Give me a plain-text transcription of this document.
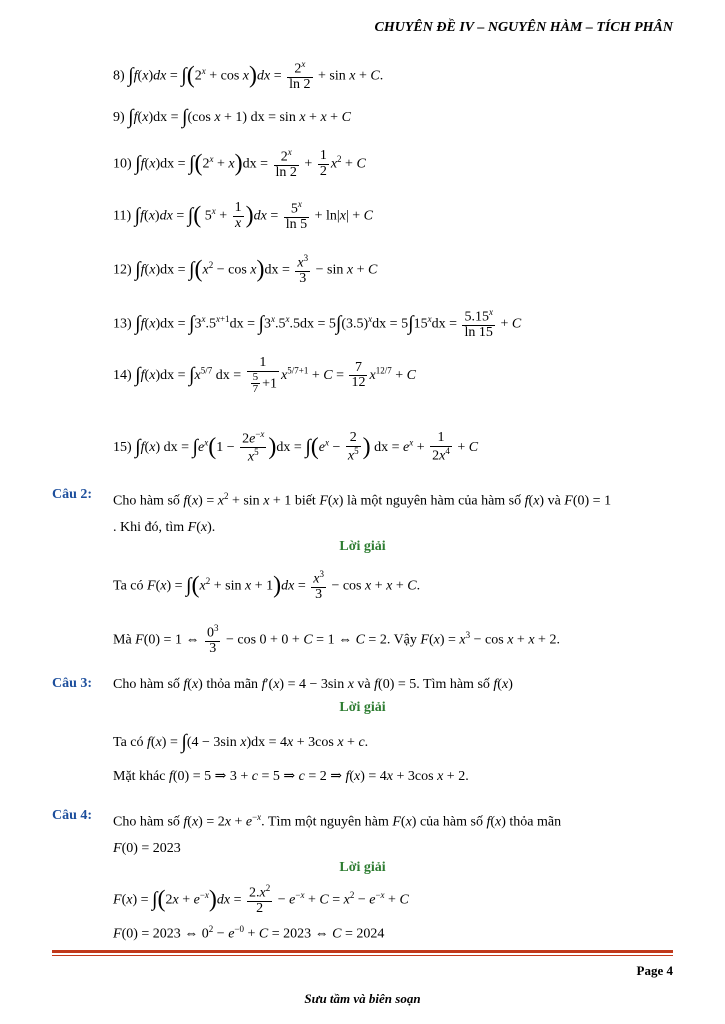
CHUYÊN ĐỀ IV – NGUYÊN HÀM – TÍCH PHÂN
8) $\int f(x)dx = \int(2^x + \cos x)dx = \frac{2^x}{\ln 2} + \sin x + C$.
9) ∫f(x)dx = ∫(cos x + 1) dx = sin x + x + C
10) $\int f(x)dx = \int(2^x + x)dx = \frac{2^x}{\ln 2} + \frac{1}{2} x^2 + C$
11) ∫f(x)dx = ∫( $5^x + \frac{1}{x} )dx = \frac{5^x}{\ln 5} + \ln|x| + C$
12) $\int f(x)dx = \int(x^2 - \cos x)dx = \frac{x^3}{3} - \sin x + C$
13) $\int f(x)dx = \int 3^x.5^{x+1}dx = \int 3^x.5^x.5dx = 5\int(3.5)^xdx = 5\int 15^xdx = \frac{5.15^x}{\ln 15} + C$
14) $\int f(x)dx = \int x^{5/7}$ dx = $\frac{1}{\frac{5}{7} +1} x^{5/7+1} + C = \frac{7}{12} x^{12/7} + C$
15) ∫f(x) dx = $\int e^x(1 - \frac{2e^{-x}}{x^5} )dx = \int(e^x - \frac{2}{x^5}$ ) dx = $e^x + \frac{1}{2x^4} + C$
Câu 2: Cho hàm số $f(x) = x^2 + \sin x + 1$ biết F(x) là một nguyên hàm của hàm số f(x) và F(0) = 1
. Khi đó, tìm F(x).
Lời giải
Ta có $F(x) = \int(x^2 + \sin x + 1)dx = \frac{x^3}{3} - \cos x + x + C$.
Mà F(0) = 1 ⇔ $\frac{0^3}{3} - \cos 0 + 0 + C = 1$ ⇔ C = 2. Vậy $F(x) = x^3 - \cos x + x + 2$.
Câu 3: Cho hàm số f(x) thỏa mãn f′(x) = 4 − 3sin x và f(0) = 5. Tìm hàm số f(x)
Lời giải
Ta có f(x) = ∫(4 − 3sin x)dx = 4x + 3cos x + c.
Mặt khác f(0) = 5 ⇒ 3 + c = 5 ⇒ c = 2 ⇒ f(x) = 4x + 3cos x + 2.
Câu 4: Cho hàm số $f(x) = 2x + e^{-x}$. Tìm một nguyên hàm F(x) của hàm số f(x) thỏa mãn
F(0) = 2023
Lời giải
$F(x) = \int(2x + e^{-x})dx = \frac{2.x^2}{2} - e^{-x} + C = x^2 - e^{-x} + C$
F(0) = 2023 ⇔ $0^2 - e^{-0} + C = 2023$ ⇔ C = 2024
Page 4
Sưu tầm và biên soạn
